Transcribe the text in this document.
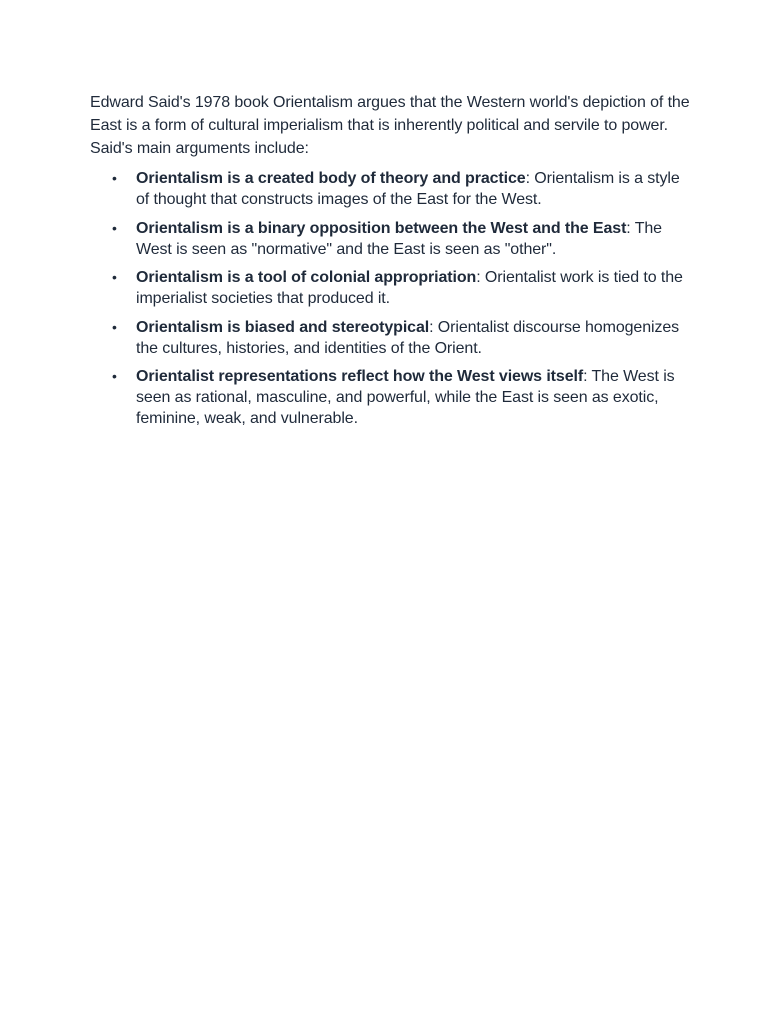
Edward Said's 1978 book Orientalism argues that the Western world's depiction of the East is a form of cultural imperialism that is inherently political and servile to power. Said's main arguments include:

• Orientalism is a created body of theory and practice: Orientalism is a style of thought that constructs images of the East for the West.
• Orientalism is a binary opposition between the West and the East: The West is seen as "normative" and the East is seen as "other".
• Orientalism is a tool of colonial appropriation: Orientalist work is tied to the imperialist societies that produced it.
• Orientalism is biased and stereotypical: Orientalist discourse homogenizes the cultures, histories, and identities of the Orient.
• Orientalist representations reflect how the West views itself: The West is seen as rational, masculine, and powerful, while the East is seen as exotic, feminine, weak, and vulnerable.
